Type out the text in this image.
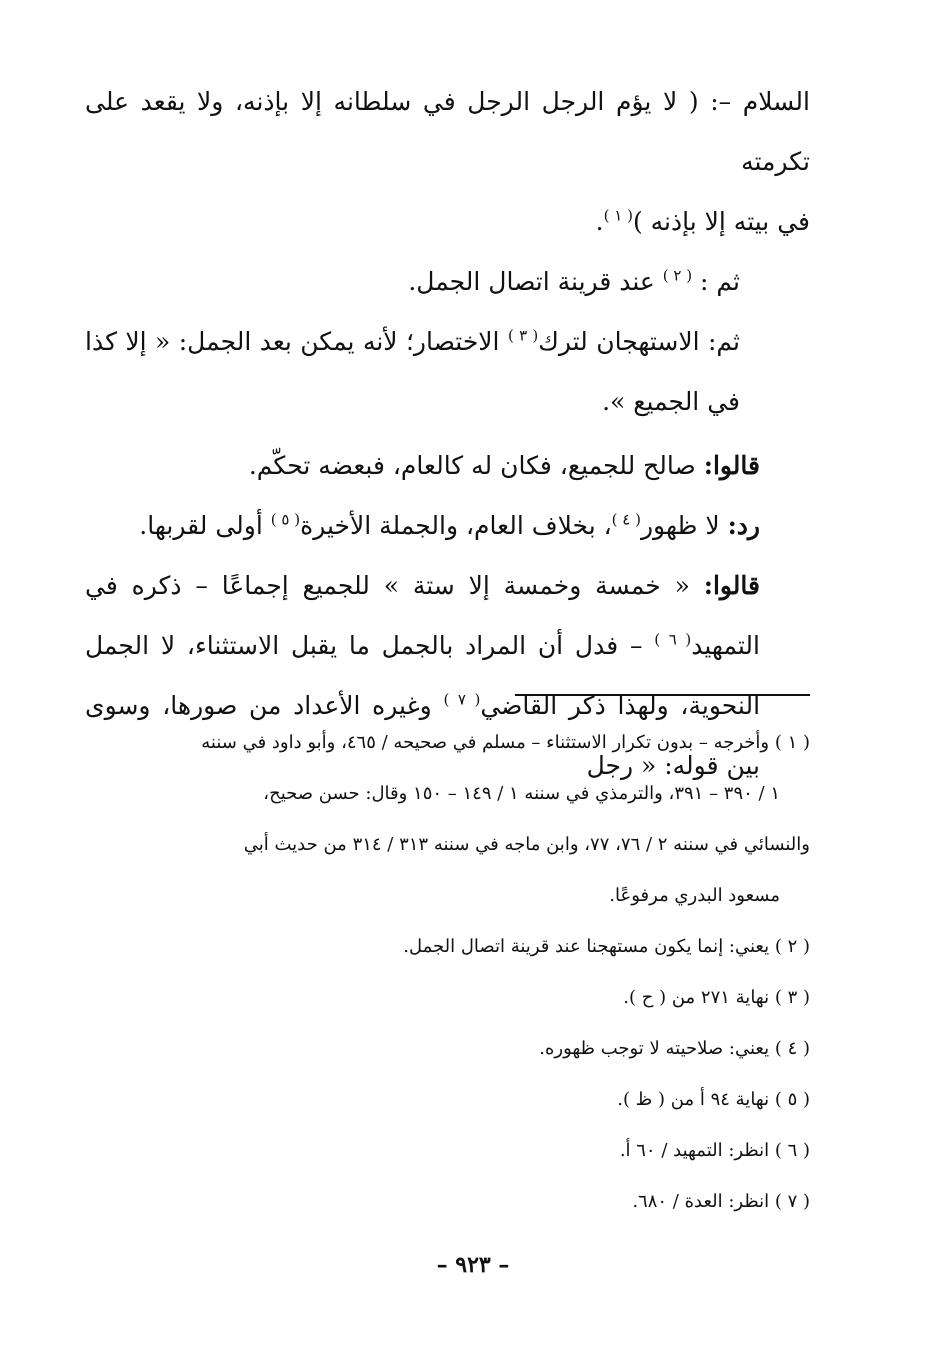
السلام –: ( لا يؤم الرجل الرجل في سلطانه إلا بإذنه، ولا يقعد على تكرمته
في بيته إلا بإذنه )$^{( ١ )}$.

ثم : $^{( ٢ )}$ عند قرينة اتصال الجمل.

ثم: الاستهجان لترك$^{( ٣ )}$ الاختصار؛ لأنه يمكن بعد الجمل: « إلا كذا في الجميع ».

قالوا: صالح للجميع، فكان له كالعام، فبعضه تحكّم.

رد: لا ظهور$^{( ٤ )}$، بخلاف العام، والجملة الأخيرة$^{( ٥ )}$ أولى لقربها.

قالوا: « خمسة وخمسة إلا ستة » للجميع إجماعًا – ذكره في التمهيد$^{( ٦ )}$ – فدل أن المراد بالجمل ما يقبل الاستثناء، لا الجمل النحوية، ولهذا ذكر القاضي$^{( ٧ )}$ وغيره الأعداد من صورها، وسوى بين قوله: « رجل

( ١ ) وأخرجه – بدون تكرار الاستثناء – مسلم في صحيحه / ٤٦٥، وأبو داود في سننه
١ / ٣٩٠ – ٣٩١، والترمذي في سننه ١ / ١٤٩ – ١٥٠ وقال: حسن صحيح،
والنسائي في سننه ٢ / ٧٦، ٧٧، وابن ماجه في سننه ٣١٣ / ٣١٤ من حديث أبي
مسعود البدري مرفوعًا.

( ٢ ) يعني: إنما يكون مستهجنا عند قرينة اتصال الجمل.

( ٣ ) نهاية ٢٧١ من ( ح ).

( ٤ ) يعني: صلاحيته لا توجب ظهوره.

( ٥ ) نهاية ٩٤ أ من ( ظ ).

( ٦ ) انظر: التمهيد / ٦٠ أ.

( ٧ ) انظر: العدة / ٦٨٠.

– ٩٢٣ –
